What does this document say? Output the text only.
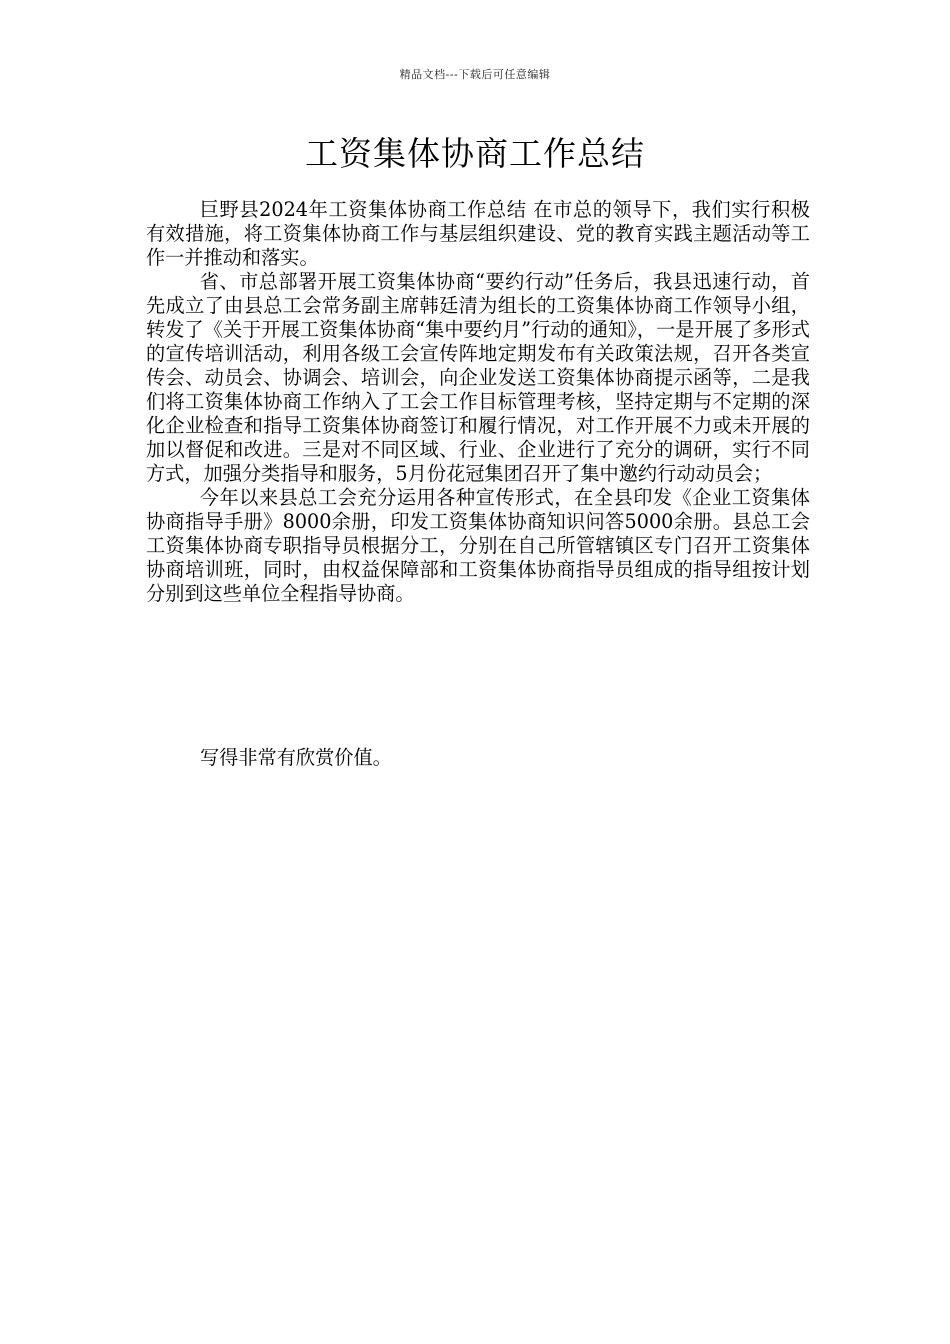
精品文档---下载后可任意编辑
工资集体协商工作总结

巨野县2024年工资集体协商工作总结 在市总的领导下，我们实行积极有效措施，将工资集体协商工作与基层组织建设、党的教育实践主题活动等工作一并推动和落实。

省、市总部署开展工资集体协商“要约行动”任务后，我县迅速行动，首先成立了由县总工会常务副主席韩廷清为组长的工资集体协商工作领导小组，转发了《关于开展工资集体协商“集中要约月”行动的通知》，一是开展了多形式的宣传培训活动，利用各级工会宣传阵地定期发布有关政策法规，召开各类宣传会、动员会、协调会、培训会，向企业发送工资集体协商提示函等，二是我们将工资集体协商工作纳入了工会工作目标管理考核，坚持定期与不定期的深化企业检查和指导工资集体协商签订和履行情况，对工作开展不力或未开展的加以督促和改进。三是对不同区域、行业、企业进行了充分的调研，实行不同方式，加强分类指导和服务，5月份花冠集团召开了集中邀约行动动员会；

今年以来县总工会充分运用各种宣传形式，在全县印发《企业工资集体协商指导手册》8000余册，印发工资集体协商知识问答5000余册。县总工会工资集体协商专职指导员根据分工，分别在自己所管辖镇区专门召开工资集体协商培训班，同时，由权益保障部和工资集体协商指导员组成的指导组按计划分别到这些单位全程指导协商。

写得非常有欣赏价值。
